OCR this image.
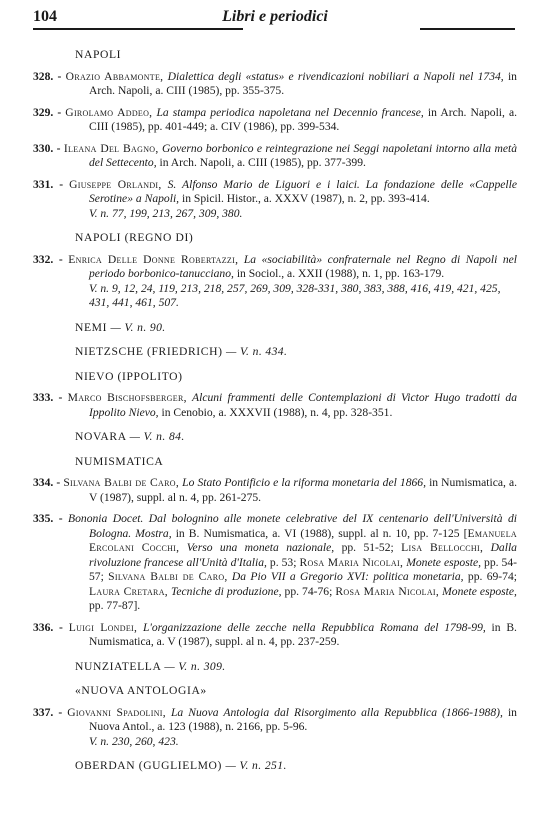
104	Libri e periodici

NAPOLI

328. - Orazio Abbamonte, Dialettica degli «status» e rivendicazioni nobiliari a Napoli nel 1734, in Arch. Napoli, a. CIII (1985), pp. 355-375.

329. - Girolamo Addeo, La stampa periodica napoletana nel Decennio francese, in Arch. Napoli, a. CIII (1985), pp. 401-449; a. CIV (1986), pp. 399-534.

330. - Ileana Del Bagno, Governo borbonico e reintegrazione nei Seggi napoletani intorno alla metà del Settecento, in Arch. Napoli, a. CIII (1985), pp. 377-399.

331. - Giuseppe Orlandi, S. Alfonso Mario de Liguori e i laici. La fondazione delle «Cappelle Serotine» a Napoli, in Spicil. Histor., a. XXXV (1987), n. 2, pp. 393-414.

V. n. 77, 199, 213, 267, 309, 380.

NAPOLI (REGNO DI)

332. - Enrica Delle Donne Robertazzi, La «sociabilità» confraternale nel Regno di Napoli nel periodo borbonico-tanucciano, in Sociol., a. XXII (1988), n. 1, pp. 163-179.

V. n. 9, 12, 24, 119, 213, 218, 257, 269, 309, 328-331, 380, 383, 388, 416, 419, 421, 425, 431, 441, 461, 507.

NEMI — V. n. 90.

NIETZSCHE (FRIEDRICH) — V. n. 434.

NIEVO (IPPOLITO)

333. - Marco Bischofsberger, Alcuni frammenti delle Contemplazioni di Victor Hugo tradotti da Ippolito Nievo, in Cenobio, a. XXXVII (1988), n. 4, pp. 328-351.

NOVARA — V. n. 84.

NUMISMATICA

334. - Silvana Balbi de Caro, Lo Stato Pontificio e la riforma monetaria del 1866, in Numismatica, a. V (1987), suppl. al n. 4, pp. 261-275.

335. - Bononia Docet. Dal bolognino alle monete celebrative del IX centenario dell'Università di Bologna. Mostra, in B. Numismatica, a. VI (1988), suppl. al n. 10, pp. 7-125 [Emanuela Ercolani Cocchi, Verso una moneta nazionale, pp. 51-52; Lisa Bellocchi, Dalla rivoluzione francese all'Unità d'Italia, p. 53; Rosa Maria Nicolai, Monete esposte, pp. 54-57; Silvana Balbi de Caro, Da Pio VII a Gregorio XVI: politica monetaria, pp. 69-74; Laura Cretara, Tecniche di produzione, pp. 74-76; Rosa Maria Nicolai, Monete esposte, pp. 77-87].

336. - Luigi Londei, L'organizzazione delle zecche nella Repubblica Romana del 1798-99, in B. Numismatica, a. V (1987), suppl. al n. 4, pp. 237-259.

NUNZIATELLA — V. n. 309.

«NUOVA ANTOLOGIA»

337. - Giovanni Spadolini, La Nuova Antologia dal Risorgimento alla Repubblica (1866-1988), in Nuova Antol., a. 123 (1988), n. 2166, pp. 5-96.

V. n. 230, 260, 423.

OBERDAN (GUGLIELMO) — V. n. 251.
